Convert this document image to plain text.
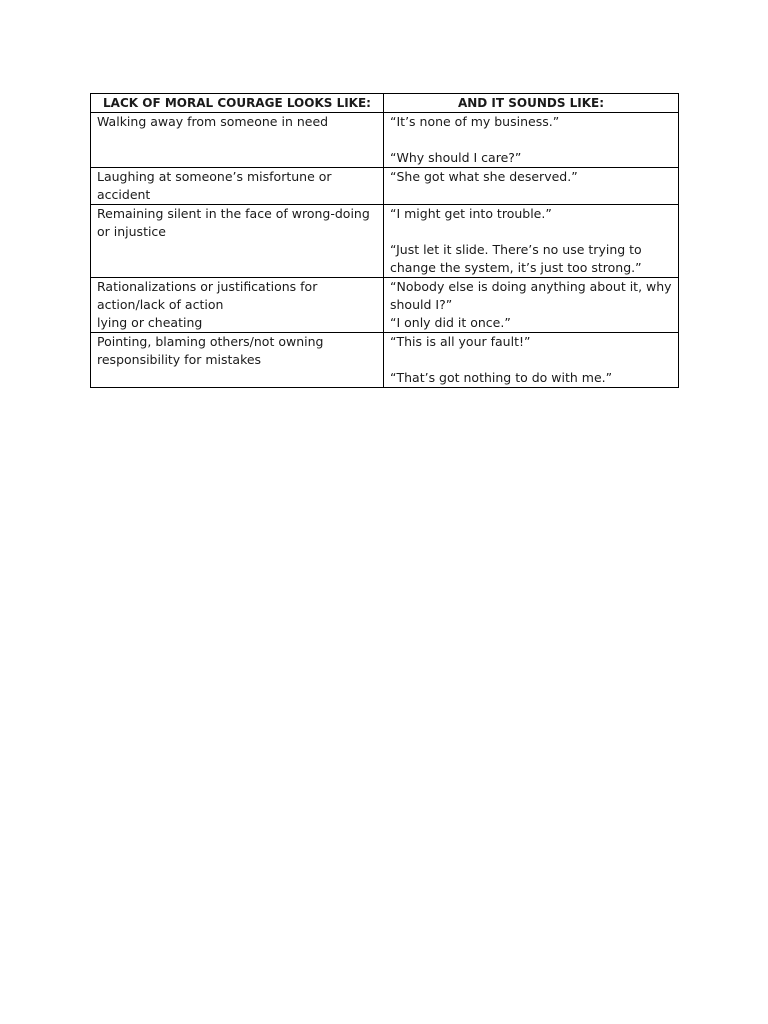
LACK OF MORAL COURAGE LOOKS LIKE:	AND IT SOUNDS LIKE:

Walking away from someone in need	“It’s none of my business.”
“Why should I care?”

Laughing at someone’s misfortune or
accident	“She got what she deserved.”

Remaining silent in the face of wrong-doing
or injustice	“I might get into trouble.”
“Just let it slide. There’s no use trying to
change the system, it’s just too strong.”

Rationalizations or justifications for
action/lack of action
lying or cheating	“Nobody else is doing anything about it, why
should I?”
“I only did it once.”

Pointing, blaming others/not owning
responsibility for mistakes	“This is all your fault!”
“That’s got nothing to do with me.”
